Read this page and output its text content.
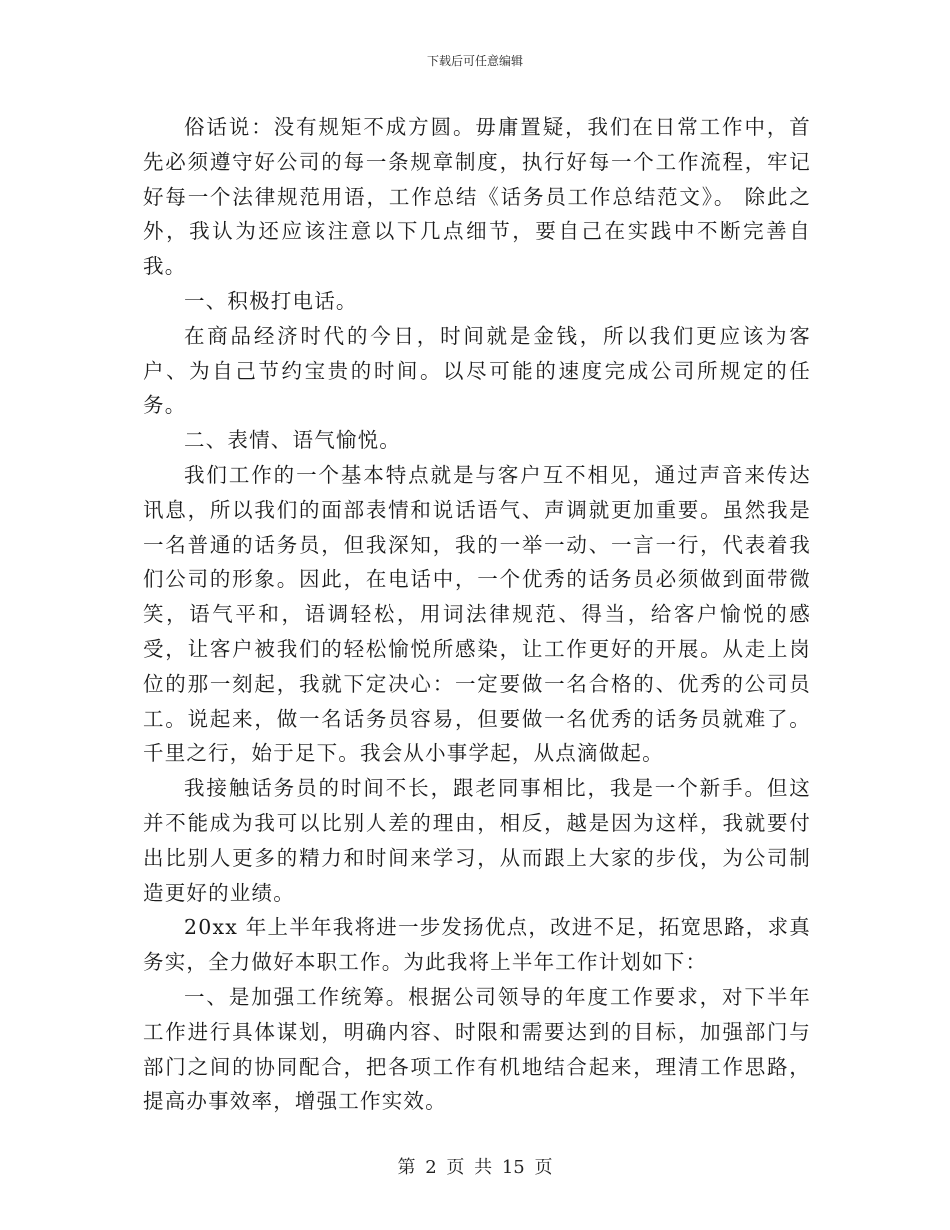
下载后可任意编辑

俗话说：没有规矩不成方圆。毋庸置疑，我们在日常工作中，首先必须遵守好公司的每一条规章制度，执行好每一个工作流程，牢记好每一个法律规范用语，工作总结《话务员工作总结范文》。 除此之外，我认为还应该注意以下几点细节，要自己在实践中不断完善自我。

一、积极打电话。

在商品经济时代的今日，时间就是金钱，所以我们更应该为客户、为自己节约宝贵的时间。以尽可能的速度完成公司所规定的任务。

二、表情、语气愉悦。

我们工作的一个基本特点就是与客户互不相见，通过声音来传达讯息，所以我们的面部表情和说话语气、声调就更加重要。虽然我是一名普通的话务员，但我深知，我的一举一动、一言一行，代表着我们公司的形象。因此，在电话中，一个优秀的话务员必须做到面带微笑，语气平和，语调轻松，用词法律规范、得当，给客户愉悦的感受，让客户被我们的轻松愉悦所感染，让工作更好的开展。从走上岗位的那一刻起，我就下定决心：一定要做一名合格的、优秀的公司员工。说起来，做一名话务员容易，但要做一名优秀的话务员就难了。千里之行，始于足下。我会从小事学起，从点滴做起。

我接触话务员的时间不长，跟老同事相比，我是一个新手。但这并不能成为我可以比别人差的理由，相反，越是因为这样，我就要付出比别人更多的精力和时间来学习，从而跟上大家的步伐，为公司制造更好的业绩。

20xx 年上半年我将进一步发扬优点，改进不足，拓宽思路，求真务实，全力做好本职工作。为此我将上半年工作计划如下：

一、是加强工作统筹。根据公司领导的年度工作要求，对下半年工作进行具体谋划，明确内容、时限和需要达到的目标，加强部门与部门之间的协同配合，把各项工作有机地结合起来，理清工作思路，提高办事效率，增强工作实效。

第 2 页 共 15 页
